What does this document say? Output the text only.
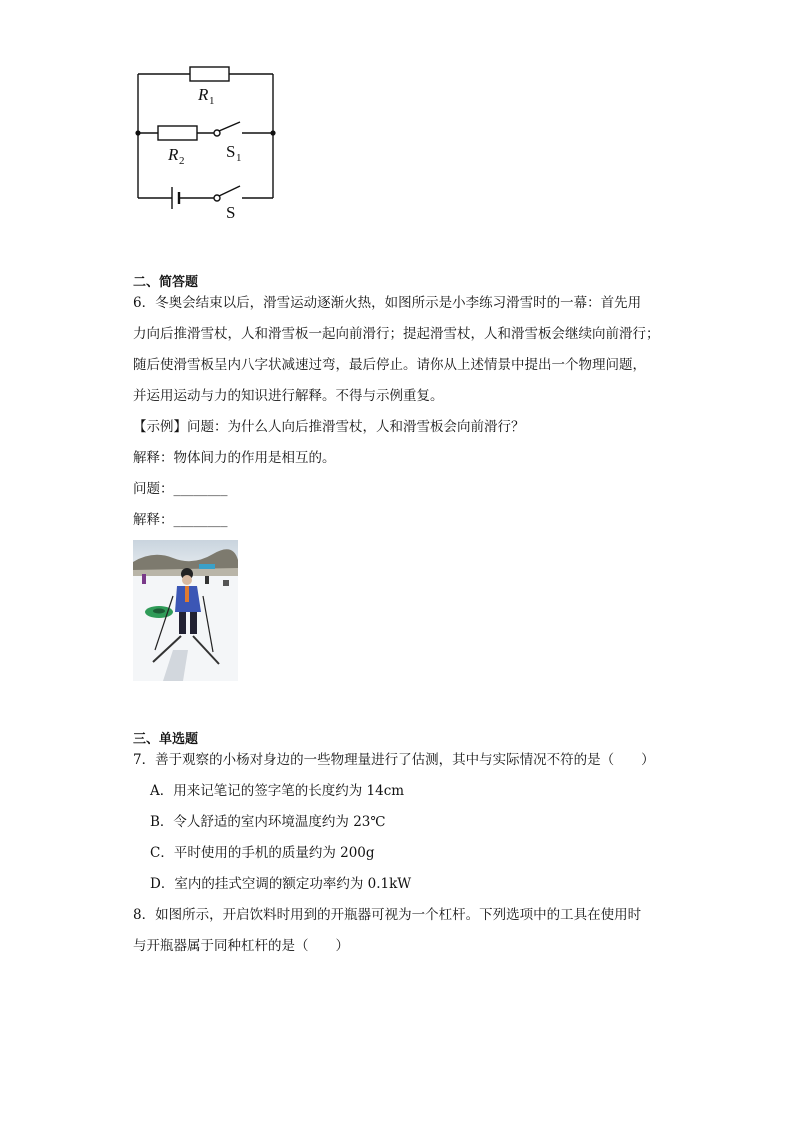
R 1
R 2 S 1
S
二、简答题
6．冬奥会结束以后，滑雪运动逐渐火热，如图所示是小李练习滑雪时的一幕：首先用
力向后推滑雪杖，人和滑雪板一起向前滑行；提起滑雪杖，人和滑雪板会继续向前滑行；
随后使滑雪板呈内八字状减速过弯，最后停止。请你从上述情景中提出一个物理问题，
并运用运动与力的知识进行解释。不得与示例重复。
【示例】问题：为什么人向后推滑雪杖，人和滑雪板会向前滑行？
解释：物体间力的作用是相互的。
问题：________
解释：________
三、单选题
7．善于观察的小杨对身边的一些物理量进行了估测，其中与实际情况不符的是（　　）
A．用来记笔记的签字笔的长度约为 14cm
B．令人舒适的室内环境温度约为 23℃
C．平时使用的手机的质量约为 200g
D．室内的挂式空调的额定功率约为 0.1kW
8．如图所示，开启饮料时用到的开瓶器可视为一个杠杆。下列选项中的工具在使用时
与开瓶器属于同种杠杆的是（　　）
